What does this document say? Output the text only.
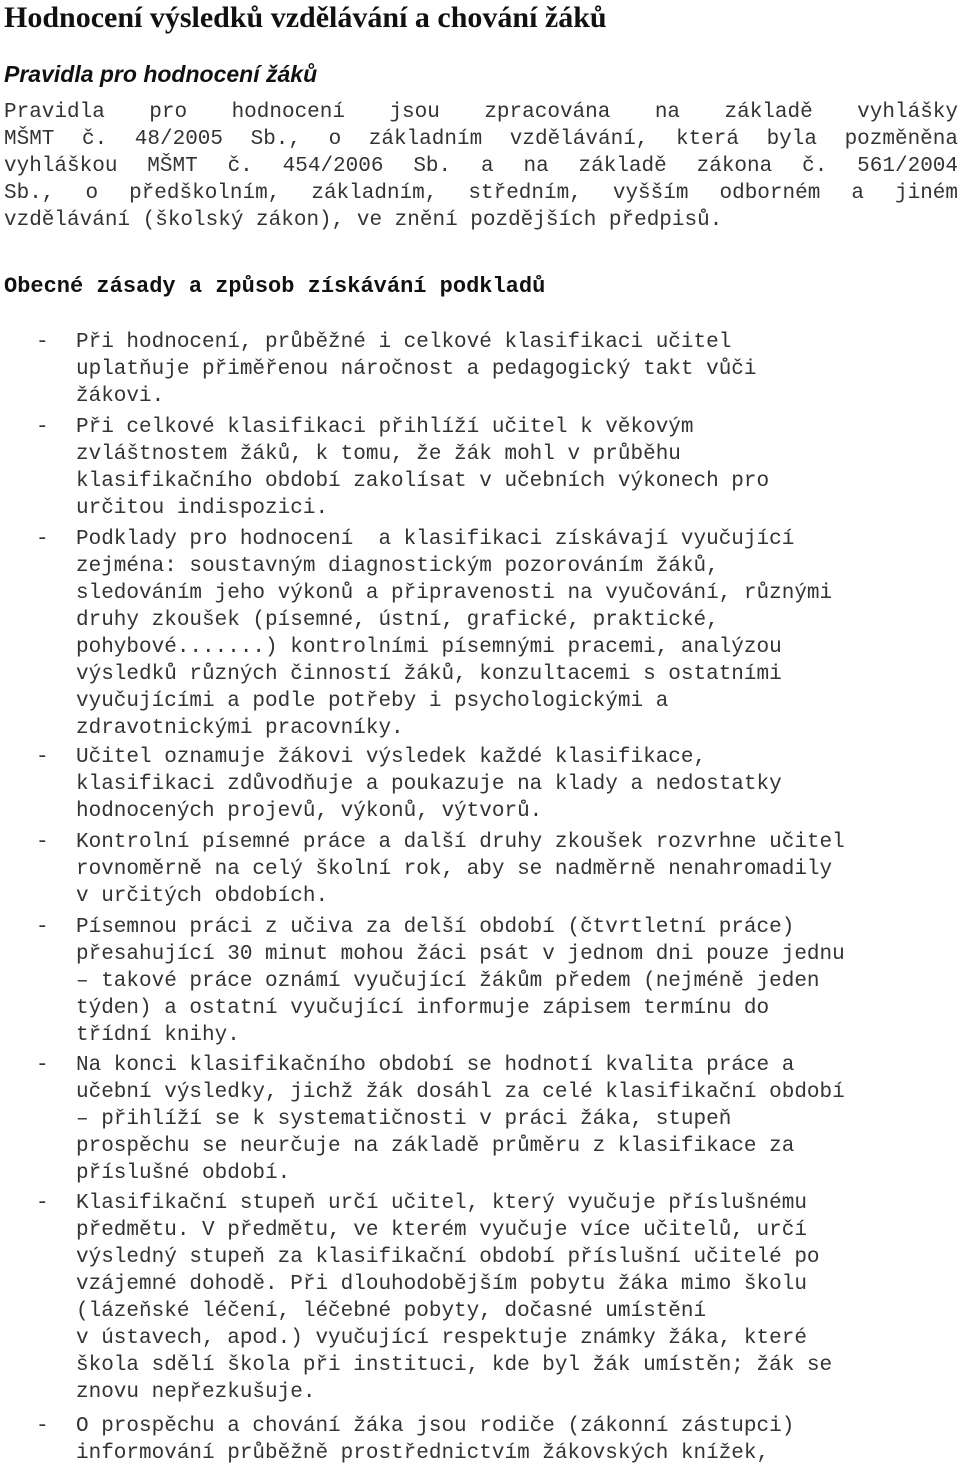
Hodnocení výsledků vzdělávání a chování žáků
Pravidla pro hodnocení žáků
Pravidla pro hodnocení jsou zpracována na základě vyhlášky
MŠMT č. 48/2005 Sb., o základním vzdělávání, která byla pozměněna
vyhláškou MŠMT č. 454/2006 Sb. a na základě zákona č. 561/2004
Sb., o předškolním, základním, středním, vyšším odborném a jiném
vzdělávání (školský zákon), ve znění pozdějších předpisů.
Obecné zásady a způsob získávání podkladů
- Při hodnocení, průběžné i celkové klasifikaci učitel
uplatňuje přiměřenou náročnost a pedagogický takt vůči
žákovi.
- Při celkové klasifikaci přihlíží učitel k věkovým
zvláštnostem žáků, k tomu, že žák mohl v průběhu
klasifikačního období zakolísat v učebních výkonech pro
určitou indispozici.
- Podklady pro hodnocení  a klasifikaci získávají vyučující
zejména: soustavným diagnostickým pozorováním žáků,
sledováním jeho výkonů a připravenosti na vyučování, různými
druhy zkoušek (písemné, ústní, grafické, praktické,
pohybové.......) kontrolními písemnými pracemi, analýzou
výsledků různých činností žáků, konzultacemi s ostatními
vyučujícími a podle potřeby i psychologickými a
zdravotnickými pracovníky.
- Učitel oznamuje žákovi výsledek každé klasifikace,
klasifikaci zdůvodňuje a poukazuje na klady a nedostatky
hodnocených projevů, výkonů, výtvorů.
- Kontrolní písemné práce a další druhy zkoušek rozvrhne učitel
rovnoměrně na celý školní rok, aby se nadměrně nenahromadily
v určitých obdobích.
- Písemnou práci z učiva za delší období (čtvrtletní práce)
přesahující 30 minut mohou žáci psát v jednom dni pouze jednu
– takové práce oznámí vyučující žákům předem (nejméně jeden
týden) a ostatní vyučující informuje zápisem termínu do
třídní knihy.
- Na konci klasifikačního období se hodnotí kvalita práce a
učební výsledky, jichž žák dosáhl za celé klasifikační období
– přihlíží se k systematičnosti v práci žáka, stupeň
prospěchu se neurčuje na základě průměru z klasifikace za
příslušné období.
- Klasifikační stupeň určí učitel, který vyučuje příslušnému
předmětu. V předmětu, ve kterém vyučuje více učitelů, určí
výsledný stupeň za klasifikační období příslušní učitelé po
vzájemné dohodě. Při dlouhodobějším pobytu žáka mimo školu
(lázeňské léčení, léčebné pobyty, dočasné umístění
v ústavech, apod.) vyučující respektuje známky žáka, které
škola sdělí škola při instituci, kde byl žák umístěn; žák se
znovu nepřezkušuje.
- O prospěchu a chování žáka jsou rodiče (zákonní zástupci)
informování průběžně prostřednictvím žákovských knížek,
